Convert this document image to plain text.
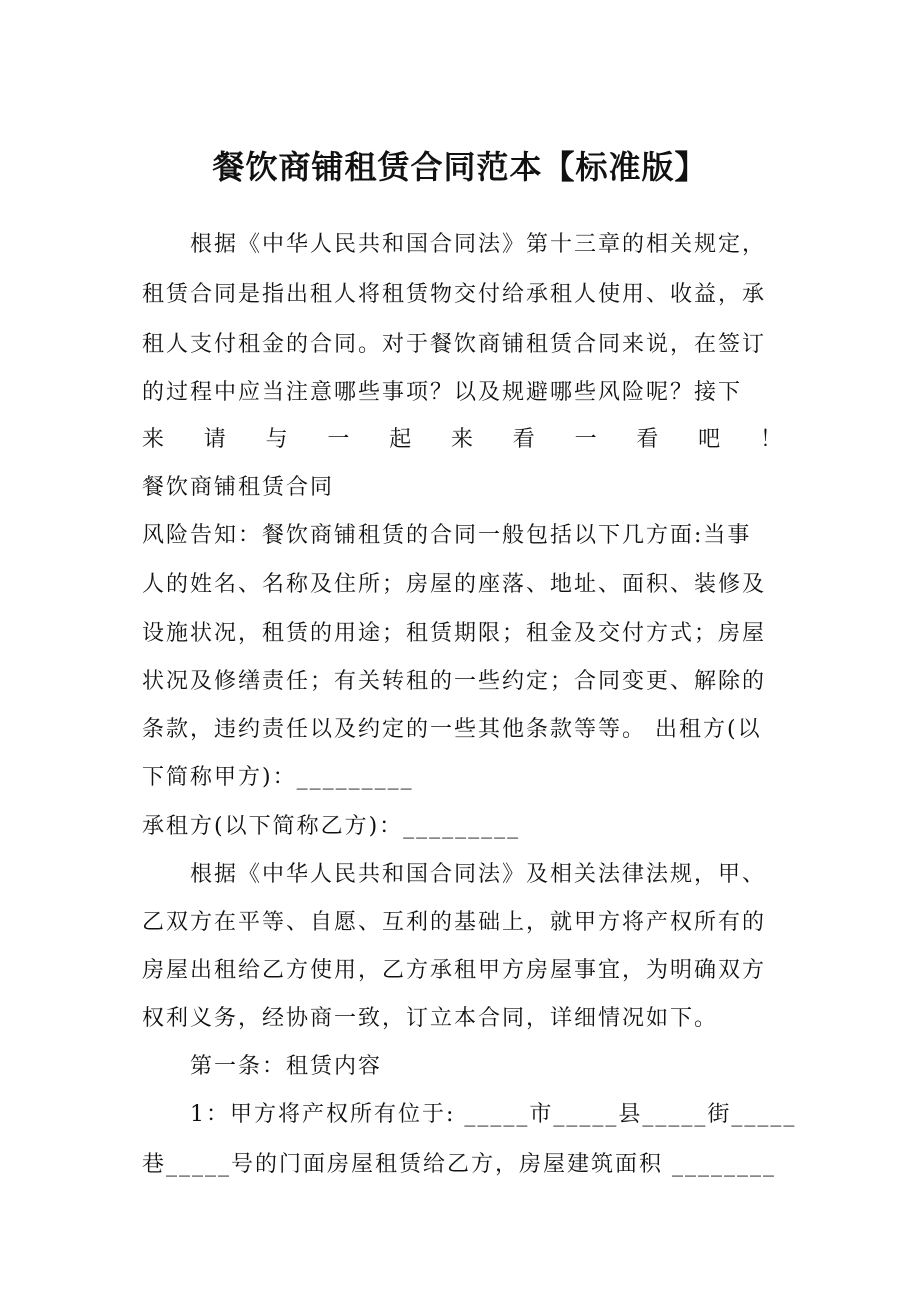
餐饮商铺租赁合同范本【标准版】
根据《中华人民共和国合同法》第十三章的相关规定，
租赁合同是指出租人将租赁物交付给承租人使用、收益，承
租人支付租金的合同。对于餐饮商铺租赁合同来说，在签订
的过程中应当注意哪些事项？以及规避哪些风险呢？接下
来 请 与 一 起 来 看 一 看 吧 ！
餐饮商铺租赁合同
风险告知：餐饮商铺租赁的合同一般包括以下几方面:当事
人的姓名、名称及住所；房屋的座落、地址、面积、装修及
设施状况，租赁的用途；租赁期限；租金及交付方式；房屋
状况及修缮责任；有关转租的一些约定；合同变更、解除的
条款，违约责任以及约定的一些其他条款等等。 出租方(以
下简称甲方)：_________
承租方(以下简称乙方)：_________
根据《中华人民共和国合同法》及相关法律法规，甲、
乙双方在平等、自愿、互利的基础上，就甲方将产权所有的
房屋出租给乙方使用，乙方承租甲方房屋事宜，为明确双方
权利义务，经协商一致，订立本合同，详细情况如下。
第一条：租赁内容
1：甲方将产权所有位于: _____市_____县_____街_____
巷_____号的门面房屋租赁给乙方，房屋建筑面积 ________
